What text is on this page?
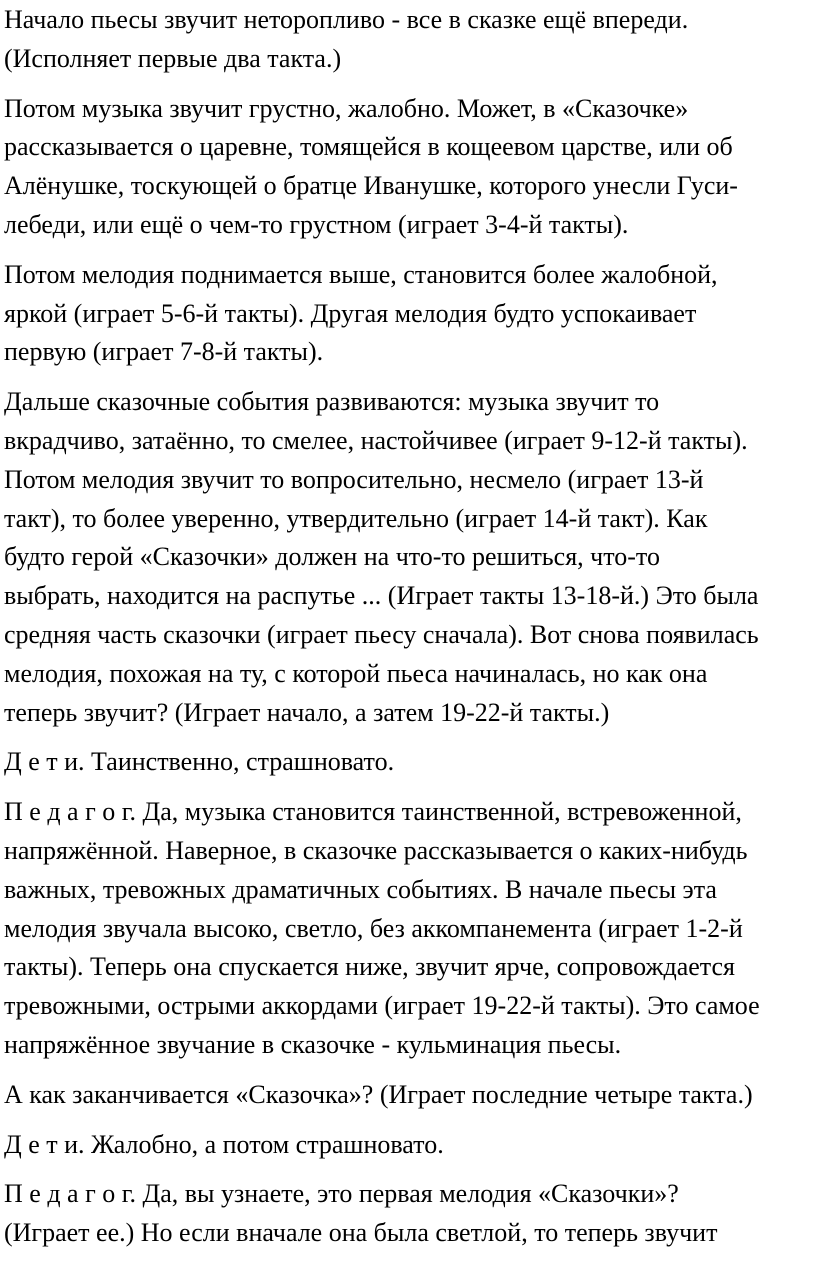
Начало пьесы звучит неторопливо - все в сказке ещё впереди.
(Исполняет первые два такта.)

Потом музыка звучит грустно, жалобно. Может, в «Сказочке»
рассказывается о царевне, томящейся в кощеевом царстве, или об
Алёнушке, тоскующей о братце Иванушке, которого унесли Гуси-
лебеди, или ещё о чем-то грустном (играет 3-4-й такты).

Потом мелодия поднимается выше, становится более жалобной,
яркой (играет 5-6-й такты). Другая мелодия будто успокаивает
первую (играет 7-8-й такты).

Дальше сказочные события развиваются: музыка звучит то
вкрадчиво, затаённо, то смелее, настойчивее (играет 9-12-й такты).
Потом мелодия звучит то вопросительно, несмело (играет 13-й
такт), то более уверенно, утвердительно (играет 14-й такт). Как
будто герой «Сказочки» должен на что-то решиться, что-то
выбрать, находится на распутье ... (Играет такты 13-18-й.) Это была
средняя часть сказочки (играет пьесу сначала). Вот снова появилась
мелодия, похожая на ту, с которой пьеса начиналась, но как она
теперь звучит? (Играет начало, а затем 19-22-й такты.)

Д е т и. Таинственно, страшновато.

П е д а г о г. Да, музыка становится таинственной, встревоженной,
напряжённой. Наверное, в сказочке рассказывается о каких-нибудь
важных, тревожных драматичных событиях. В начале пьесы эта
мелодия звучала высоко, светло, без аккомпанемента (играет 1-2-й
такты). Теперь она спускается ниже, звучит ярче, сопровождается
тревожными, острыми аккордами (играет 19-22-й такты). Это самое
напряжённое звучание в сказочке - кульминация пьесы.

А как заканчивается «Сказочка»? (Играет последние четыре такта.)

Д е т и. Жалобно, а потом страшновато.

П е д а г о г. Да, вы узнаете, это первая мелодия «Сказочки»?
(Играет ее.) Но если вначале она была светлой, то теперь звучит
